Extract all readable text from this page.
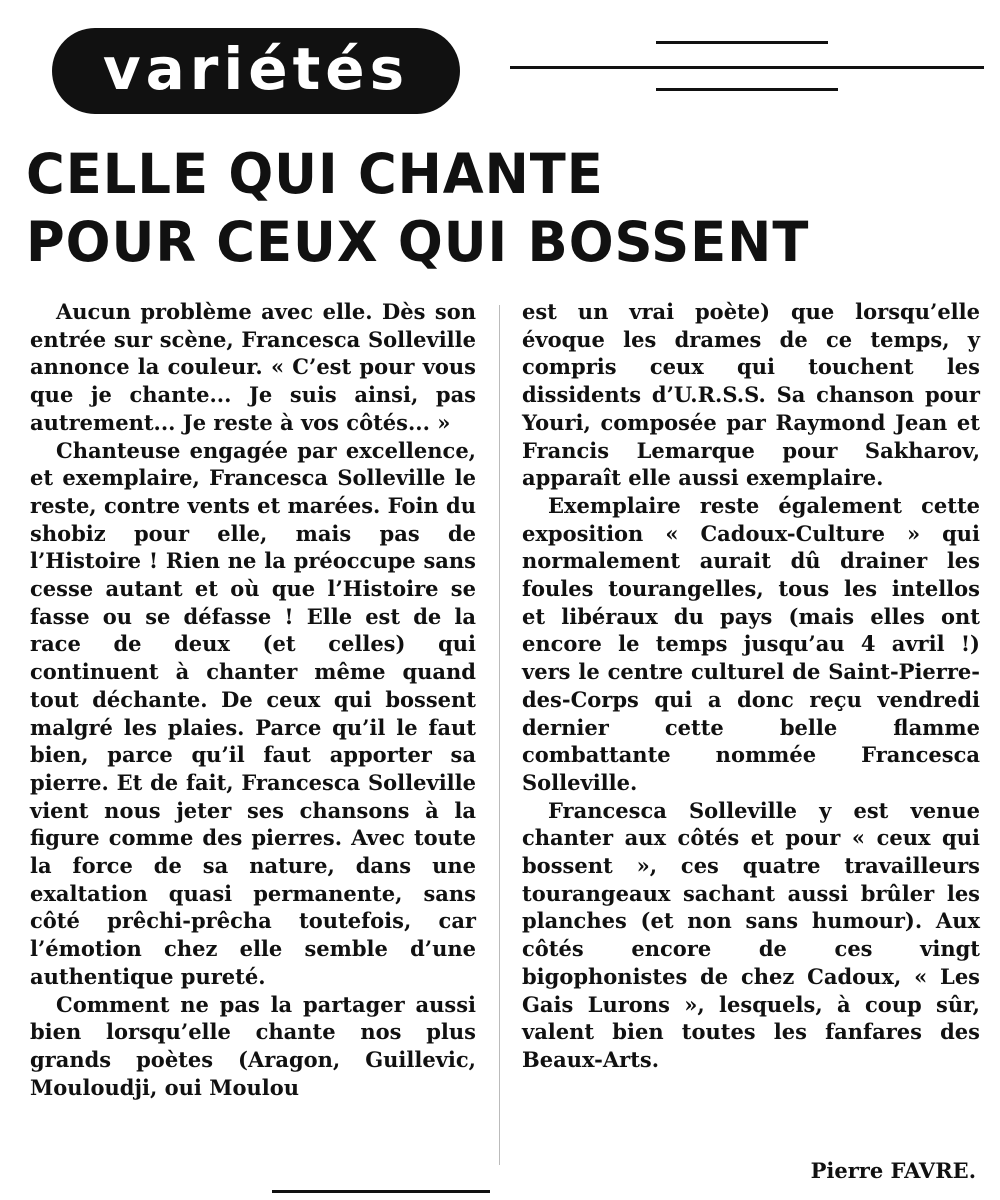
variétés
CELLE QUI CHANTE
POUR CEUX QUI BOSSENT

Aucun problème avec elle. Dès son entrée sur scène, Francesca Solleville annonce la couleur. « C’est pour vous que je chante... Je suis ainsi, pas autrement... Je reste à vos côtés... »

Chanteuse engagée par excellence, et exemplaire, Francesca Solleville le reste, contre vents et marées. Foin du shobiz pour elle, mais pas de l’Histoire ! Rien ne la préoccupe sans cesse autant et où que l’Histoire se fasse ou se défasse ! Elle est de la race de deux (et celles) qui continuent à chanter même quand tout déchante. De ceux qui bossent malgré les plaies. Parce qu’il le faut bien, parce qu’il faut apporter sa pierre. Et de fait, Francesca Solleville vient nous jeter ses chansons à la figure comme des pierres. Avec toute la force de sa nature, dans une exaltation quasi permanente, sans côté prêchi-prêcha toutefois, car l’émotion chez elle semble d’une authentique pureté.

Comment ne pas la partager aussi bien lorsqu’elle chante nos plus grands poètes (Aragon, Guillevic, Mouloudji, oui Moulou

est un vrai poète) que lorsqu’elle évoque les drames de ce temps, y compris ceux qui touchent les dissidents d’U.R.S.S. Sa chanson pour Youri, composée par Raymond Jean et Francis Lemarque pour Sakharov, apparaît elle aussi exemplaire.

Exemplaire reste également cette exposition « Cadoux-Culture » qui normalement aurait dû drainer les foules tourangelles, tous les intellos et libéraux du pays (mais elles ont encore le temps jusqu’au 4 avril !) vers le centre culturel de Saint-Pierre-des-Corps qui a donc reçu vendredi dernier cette belle flamme combattante nommée Francesca Solleville.

Francesca Solleville y est venue chanter aux côtés et pour « ceux qui bossent », ces quatre travailleurs tourangeaux sachant aussi brûler les planches (et non sans humour). Aux côtés encore de ces vingt bigophonistes de chez Cadoux, « Les Gais Lurons », lesquels, à coup sûr, valent bien toutes les fanfares des Beaux-Arts.

Pierre FAVRE.
